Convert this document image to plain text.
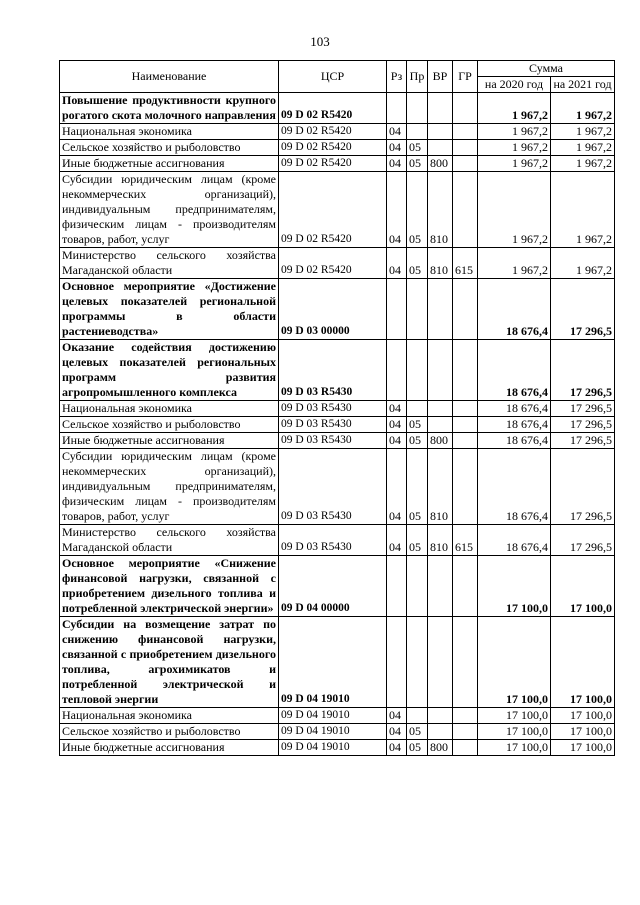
103
Наименование	ЦСР	Рз	Пр	ВР	ГР	Сумма	
						на 2020 год	на 2021 год
Повышение продуктивности крупного рогатого скота молочного направления	09 D 02 R5420					1 967,2	1 967,2
Национальная экономика	09 D 02 R5420	04				1 967,2	1 967,2
Сельское хозяйство и рыболовство	09 D 02 R5420	04	05			1 967,2	1 967,2
Иные бюджетные ассигнования	09 D 02 R5420	04	05	800		1 967,2	1 967,2
Субсидии юридическим лицам (кроме некоммерческих организаций), индивидуальным предпринимателям, физическим лицам - производителям товаров, работ, услуг	09 D 02 R5420	04	05	810		1 967,2	1 967,2
Министерство сельского хозяйства Магаданской области	09 D 02 R5420	04	05	810	615	1 967,2	1 967,2
Основное мероприятие «Достижение целевых показателей региональной программы в области растениеводства»	09 D 03 00000					18 676,4	17 296,5
Оказание содействия достижению целевых показателей региональных программ развития агропромышленного комплекса	09 D 03 R5430					18 676,4	17 296,5
Национальная экономика	09 D 03 R5430	04				18 676,4	17 296,5
Сельское хозяйство и рыболовство	09 D 03 R5430	04	05			18 676,4	17 296,5
Иные бюджетные ассигнования	09 D 03 R5430	04	05	800		18 676,4	17 296,5
Субсидии юридическим лицам (кроме некоммерческих организаций), индивидуальным предпринимателям, физическим лицам - производителям товаров, работ, услуг	09 D 03 R5430	04	05	810		18 676,4	17 296,5
Министерство сельского хозяйства Магаданской области	09 D 03 R5430	04	05	810	615	18 676,4	17 296,5
Основное мероприятие «Снижение финансовой нагрузки, связанной с приобретением дизельного топлива и потребленной электрической энергии»	09 D 04 00000					17 100,0	17 100,0
Субсидии на возмещение затрат по снижению финансовой нагрузки, связанной с приобретением дизельного топлива, агрохимикатов и потребленной электрической и тепловой энергии	09 D 04 19010					17 100,0	17 100,0
Национальная экономика	09 D 04 19010	04				17 100,0	17 100,0
Сельское хозяйство и рыболовство	09 D 04 19010	04	05			17 100,0	17 100,0
Иные бюджетные ассигнования	09 D 04 19010	04	05	800		17 100,0	17 100,0
